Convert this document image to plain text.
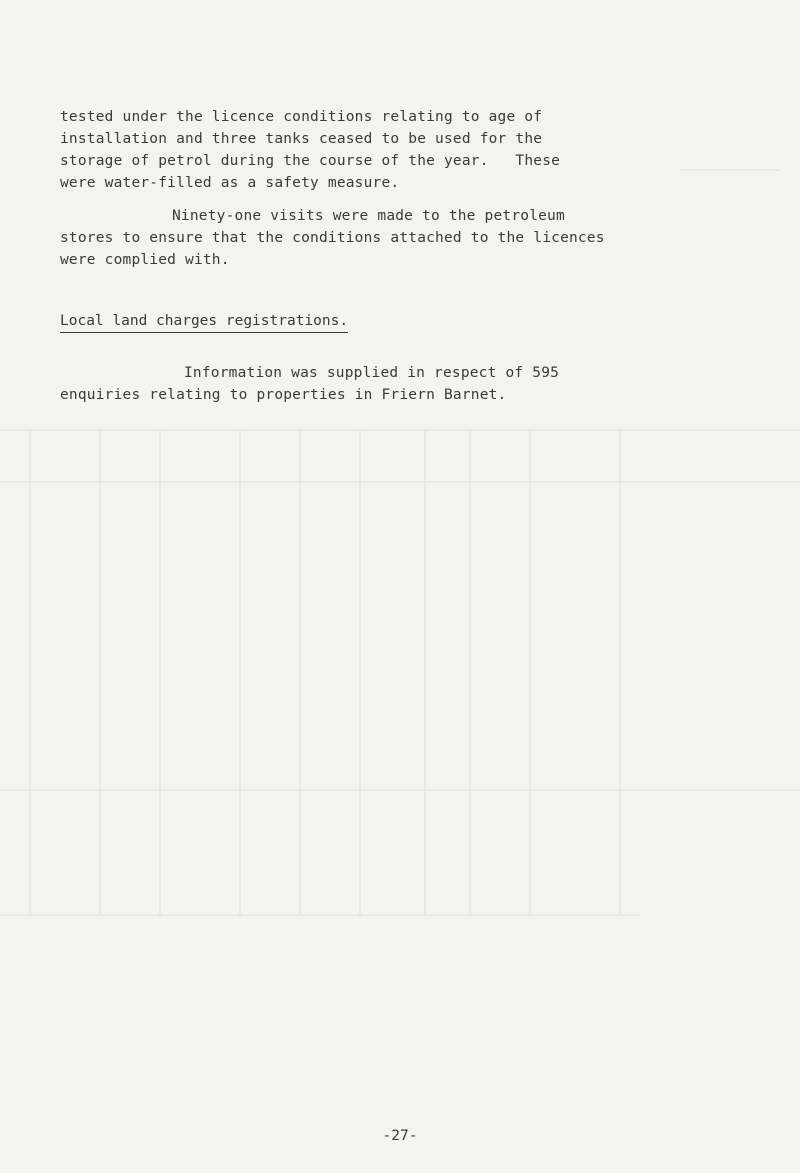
tested under the licence conditions relating to age of
installation and three tanks ceased to be used for the
storage of petrol during the course of the year.   These
were water-filled as a safety measure.
Ninety-one visits were made to the petroleum
stores to ensure that the conditions attached to the licences
were complied with.
Local land charges registrations.
Information was supplied in respect of 595
enquiries relating to properties in Friern Barnet.
-27-
